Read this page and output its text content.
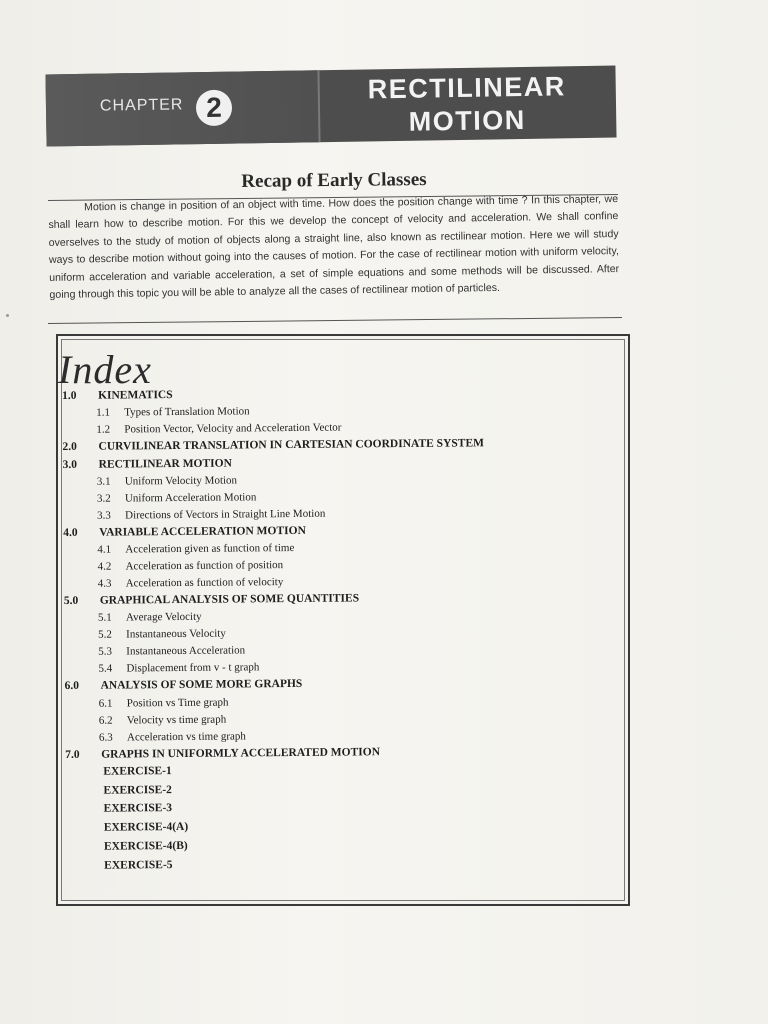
CHAPTER 2
RECTILINEAR
MOTION
Recap of Early Classes
Motion is change in position of an object with time. How does the position change with time ? In this chapter, we shall learn how to describe motion. For this we develop the concept of velocity and acceleration. We shall confine overselves to the study of motion of objects along a straight line, also known as rectilinear motion. Here we will study ways to describe motion without going into the causes of motion. For the case of rectilinear motion with uniform velocity, uniform acceleration and variable acceleration, a set of simple equations and some methods will be discussed. After going through this topic you will be able to analyze all the cases of rectilinear motion of particles.
Index
1.0	KINEMATICS
1.1	Types of Translation Motion
1.2	Position Vector, Velocity and Acceleration Vector
2.0	CURVILINEAR TRANSLATION IN CARTESIAN COORDINATE SYSTEM
3.0	RECTILINEAR MOTION
3.1	Uniform Velocity Motion
3.2	Uniform Acceleration Motion
3.3	Directions of Vectors in Straight Line Motion
4.0	VARIABLE ACCELERATION MOTION
4.1	Acceleration given as function of time
4.2	Acceleration as function of position
4.3	Acceleration as function of velocity
5.0	GRAPHICAL ANALYSIS OF SOME QUANTITIES
5.1	Average Velocity
5.2	Instantaneous Velocity
5.3	Instantaneous Acceleration
5.4	Displacement from v - t graph
6.0	ANALYSIS OF SOME MORE GRAPHS
6.1	Position vs Time graph
6.2	Velocity vs time graph
6.3	Acceleration vs time graph
7.0	GRAPHS IN UNIFORMLY ACCELERATED MOTION
EXERCISE-1
EXERCISE-2
EXERCISE-3
EXERCISE-4(A)
EXERCISE-4(B)
EXERCISE-5
